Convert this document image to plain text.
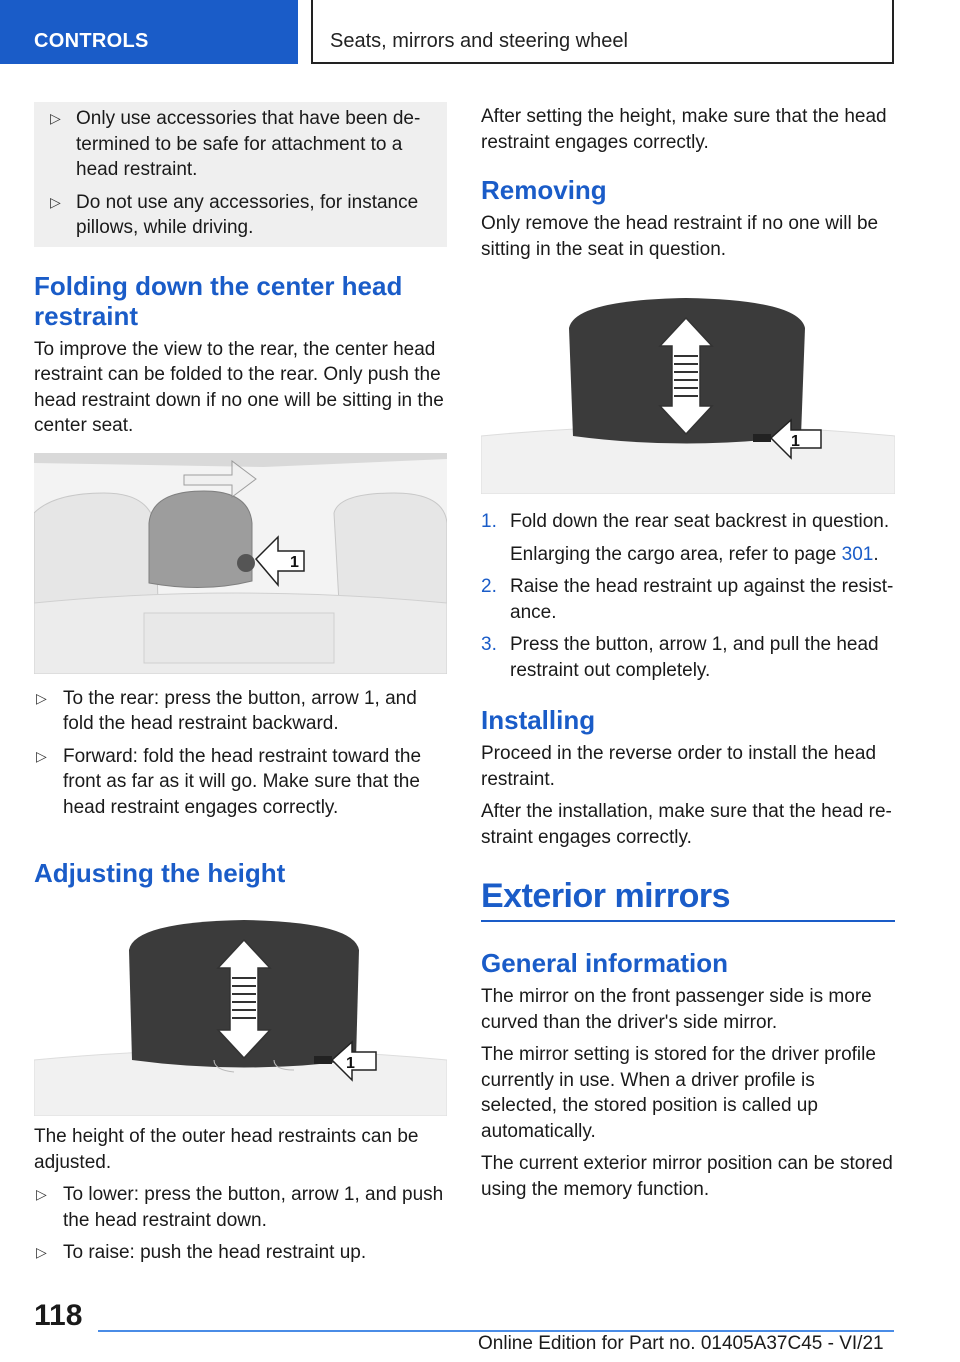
CONTROLS	Seats, mirrors and steering wheel

▷ Only use accessories that have been de-termined to be safe for attachment to a head restraint.

▷ Do not use any accessories, for instance pillows, while driving.

Folding down the center head restraint

To improve the view to the rear, the center head restraint can be folded to the rear. Only push the head restraint down if no one will be sitting in the center seat.

1

▷ To the rear: press the button, arrow 1, and fold the head restraint backward.

▷ Forward: fold the head restraint toward the front as far as it will go. Make sure that the head restraint engages correctly.

Adjusting the height
1

The height of the outer head restraints can be adjusted.

▷ To lower: press the button, arrow 1, and push the head restraint down.

▷ To raise: push the head restraint up.

After setting the height, make sure that the head restraint engages correctly.

Removing

Only remove the head restraint if no one will be sitting in the seat in question.

1

1. Fold down the rear seat backrest in question.

Enlarging the cargo area, refer to page 301.

2. Raise the head restraint up against the resist-ance.

3. Press the button, arrow 1, and pull the head restraint out completely.

Installing

Proceed in the reverse order to install the head restraint.

After the installation, make sure that the head re-straint engages correctly.

Exterior mirrors
General information

The mirror on the front passenger side is more curved than the driver's side mirror.

The mirror setting is stored for the driver profile currently in use. When a driver profile is selected, the stored position is called up automatically.

The current exterior mirror position can be stored using the memory function.

118
Online Edition for Part no. 01405A37C45 - VI/21
